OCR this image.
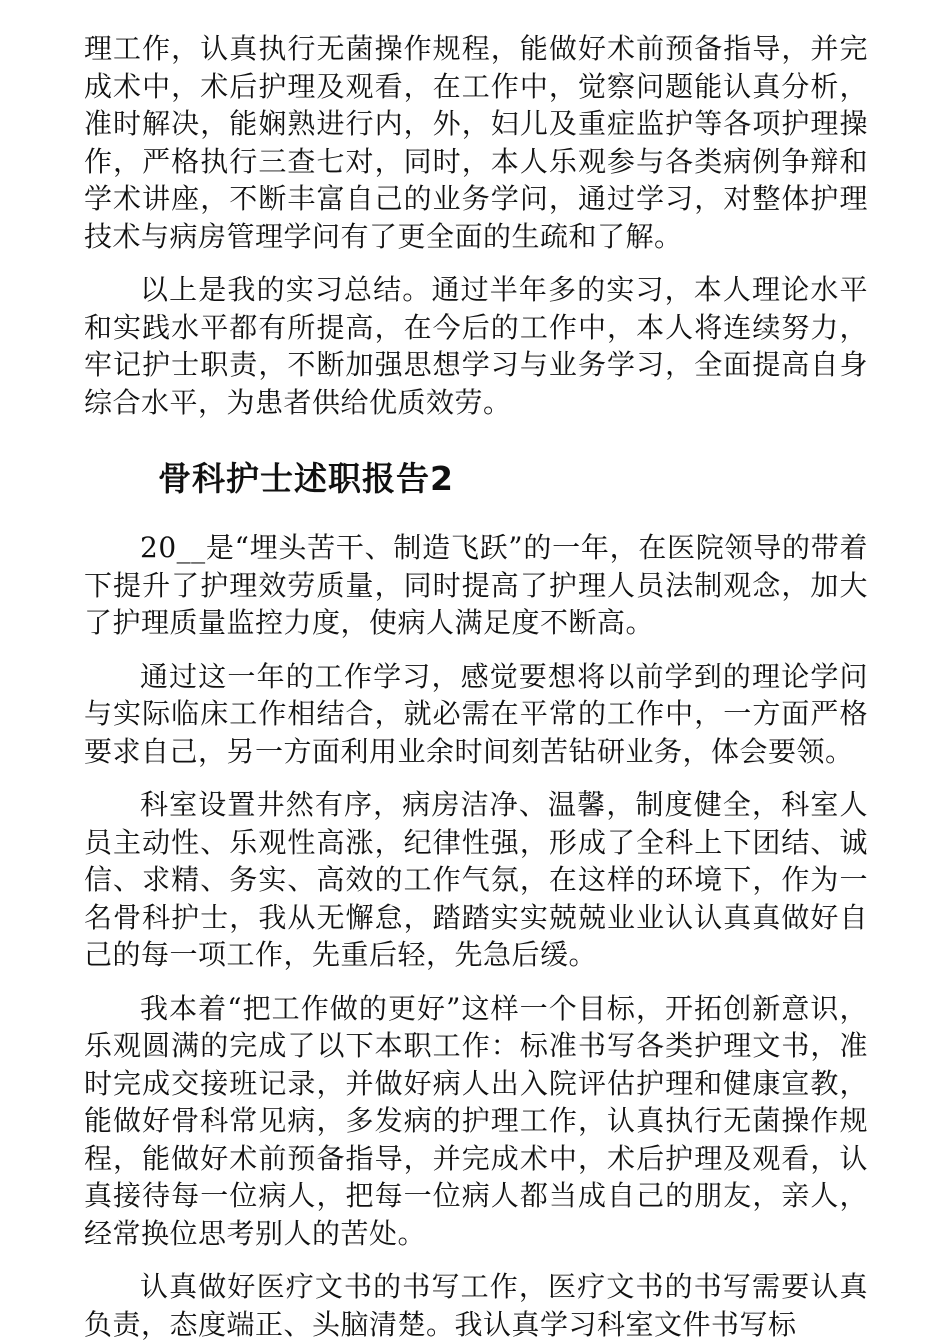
理工作，认真执行无菌操作规程，能做好术前预备指导，并完成术中，术后护理及观看，在工作中，觉察问题能认真分析，准时解决，能娴熟进行内，外，妇儿及重症监护等各项护理操作，严格执行三查七对，同时，本人乐观参与各类病例争辩和学术讲座，不断丰富自己的业务学问，通过学习，对整体护理技术与病房管理学问有了更全面的生疏和了解。

以上是我的实习总结。通过半年多的实习，本人理论水平和实践水平都有所提高，在今后的工作中，本人将连续努力，牢记护士职责，不断加强思想学习与业务学习，全面提高自身综合水平，为患者供给优质效劳。

骨科护士述职报告2

20__是“埋头苦干、制造飞跃”的一年，在医院领导的带着下提升了护理效劳质量，同时提高了护理人员法制观念，加大了护理质量监控力度，使病人满足度不断高。

通过这一年的工作学习，感觉要想将以前学到的理论学问与实际临床工作相结合，就必需在平常的工作中，一方面严格要求自己，另一方面利用业余时间刻苦钻研业务，体会要领。

科室设置井然有序，病房洁净、温馨，制度健全，科室人员主动性、乐观性高涨，纪律性强，形成了全科上下团结、诚信、求精、务实、高效的工作气氛，在这样的环境下，作为一名骨科护士，我从无懈怠，踏踏实实兢兢业业认认真真做好自己的每一项工作，先重后轻，先急后缓。

我本着“把工作做的更好”这样一个目标，开拓创新意识，乐观圆满的完成了以下本职工作：标准书写各类护理文书，准时完成交接班记录，并做好病人出入院评估护理和健康宣教，能做好骨科常见病，多发病的护理工作，认真执行无菌操作规程，能做好术前预备指导，并完成术中，术后护理及观看，认真接待每一位病人，把每一位病人都当成自己的朋友，亲人，经常换位思考别人的苦处。

认真做好医疗文书的书写工作，医疗文书的书写需要认真负责，态度端正、头脑清楚。我认真学习科室文件书写标
